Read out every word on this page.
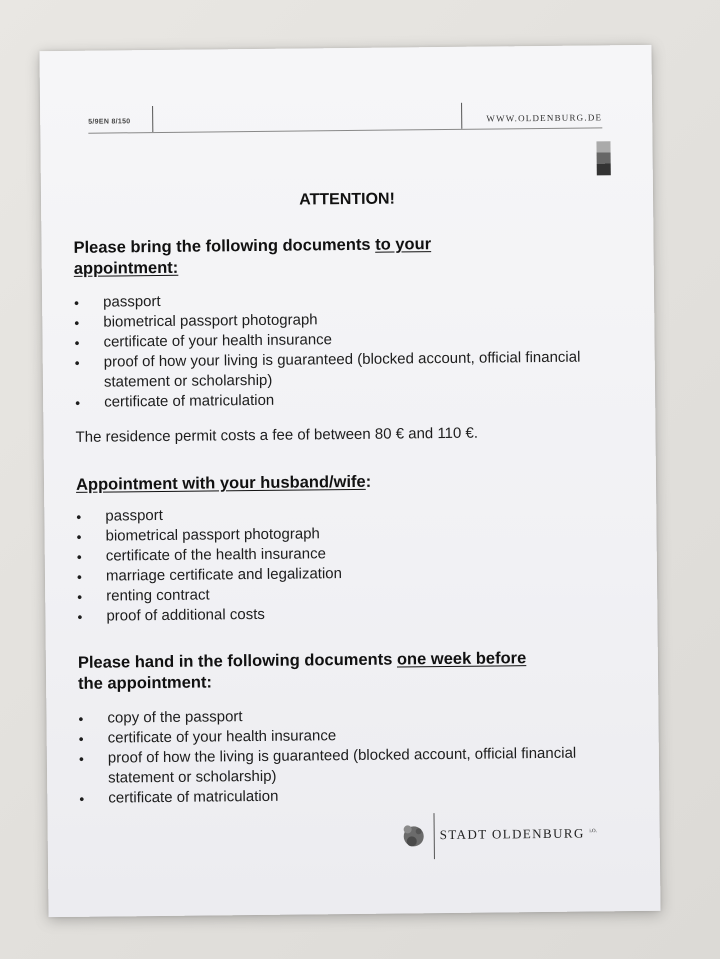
5/9EN 8/150	WWW.OLDENBURG.DE
ATTENTION!
Please bring the following documents to your
appointment:
• passport
• biometrical passport photograph
• certificate of your health insurance
• proof of how your living is guaranteed (blocked account, official financial statement or scholarship)
• certificate of matriculation
The residence permit costs a fee of between 80 € and 110 €.
Appointment with your husband/wife:
• passport
• biometrical passport photograph
• certificate of the health insurance
• marriage certificate and legalization
• renting contract
• proof of additional costs
Please hand in the following documents one week before
the appointment:
• copy of the passport
• certificate of your health insurance
• proof of how the living is guaranteed (blocked account, official financial statement or scholarship)
• certificate of matriculation
STADT OLDENBURG $^{i.O.}$
